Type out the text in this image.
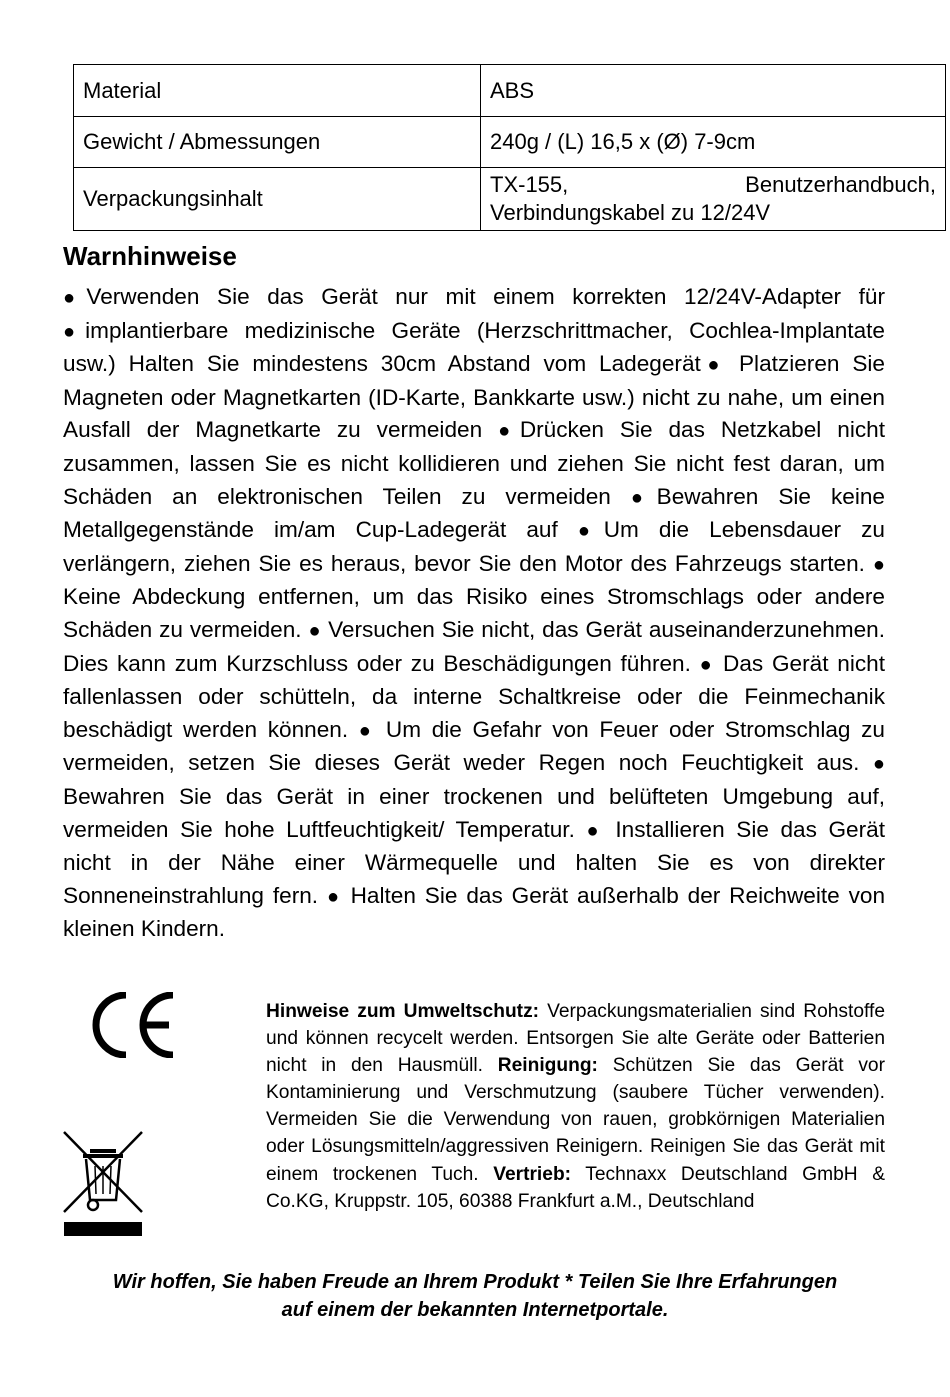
Material	ABS
Gewicht / Abmessungen	240g / (L) 16,5 x (Ø) 7-9cm
Verpackungsinhalt	TX-155, Benutzerhandbuch, Verbindungskabel zu 12/24V
Warnhinweise
●Verwenden Sie das Gerät nur mit einem korrekten 12/24V-Adapter für ●implantierbare medizinische Geräte (Herzschrittmacher, Cochlea-Implantate usw.) Halten Sie mindestens 30cm Abstand vom Ladegerät● Platzieren Sie Magneten oder Magnetkarten (ID-Karte, Bankkarte usw.) nicht zu nahe, um einen Ausfall der Magnetkarte zu vermeiden ●Drücken Sie das Netzkabel nicht zusammen, lassen Sie es nicht kollidieren und ziehen Sie nicht fest daran, um Schäden an elektronischen Teilen zu vermeiden ●Bewahren Sie keine Metallgegenstände im/am Cup-Ladegerät auf ●Um die Lebensdauer zu verlängern, ziehen Sie es heraus, bevor Sie den Motor des Fahrzeugs starten. ● Keine Abdeckung entfernen, um das Risiko eines Stromschlags oder andere Schäden zu vermeiden. ● Versuchen Sie nicht, das Gerät auseinanderzunehmen. Dies kann zum Kurzschluss oder zu Beschädigungen führen. ● Das Gerät nicht fallenlassen oder schütteln, da interne Schaltkreise oder die Feinmechanik beschädigt werden können. ● Um die Gefahr von Feuer oder Stromschlag zu vermeiden, setzen Sie dieses Gerät weder Regen noch Feuchtigkeit aus. ● Bewahren Sie das Gerät in einer trockenen und belüfteten Umgebung auf, vermeiden Sie hohe Luftfeuchtigkeit/ Temperatur. ● Installieren Sie das Gerät nicht in der Nähe einer Wärmequelle und halten Sie es von direkter Sonneneinstrahlung fern. ● Halten Sie das Gerät außerhalb der Reichweite von kleinen Kindern.
Hinweise zum Umweltschutz: Verpackungsmaterialien sind Rohstoffe und können recycelt werden. Entsorgen Sie alte Geräte oder Batterien nicht in den Hausmüll. Reinigung: Schützen Sie das Gerät vor Kontaminierung und Verschmutzung (saubere Tücher verwenden). Vermeiden Sie die Verwendung von rauen, grobkörnigen Materialien oder Lösungsmitteln/aggressiven Reinigern. Reinigen Sie das Gerät mit einem trockenen Tuch. Vertrieb: Technaxx Deutschland GmbH & Co.KG, Kruppstr. 105, 60388 Frankfurt a.M., Deutschland
Wir hoffen, Sie haben Freude an Ihrem Produkt * Teilen Sie Ihre Erfahrungen
auf einem der bekannten Internetportale.
